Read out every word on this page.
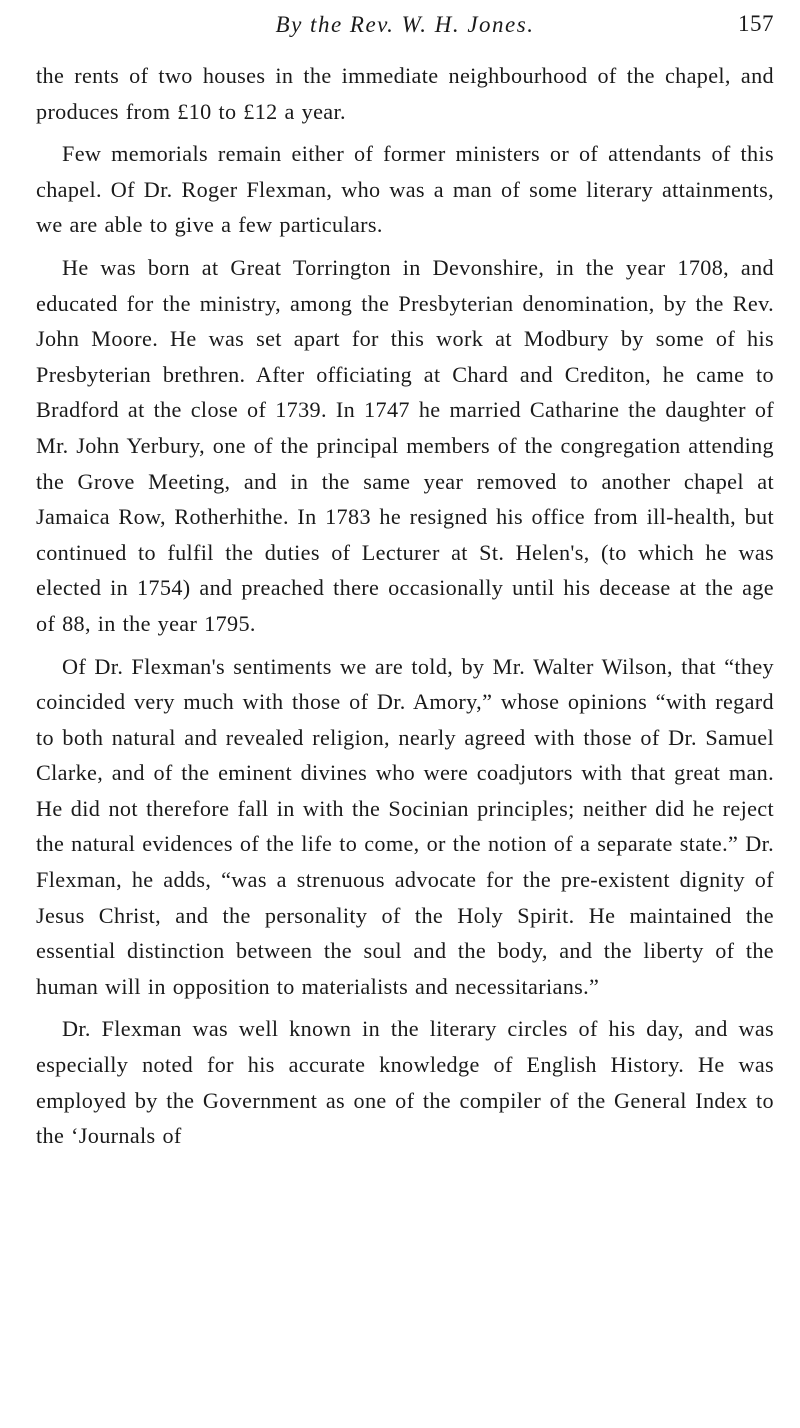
By the Rev. W. H. Jones.	157

the rents of two houses in the immediate neighbourhood of the chapel, and produces from £10 to £12 a year.

Few memorials remain either of former ministers or of attendants of this chapel. Of Dr. Roger Flexman, who was a man of some literary attainments, we are able to give a few particulars.

He was born at Great Torrington in Devonshire, in the year 1708, and educated for the ministry, among the Presbyterian denomination, by the Rev. John Moore. He was set apart for this work at Modbury by some of his Presbyterian brethren. After officiating at Chard and Crediton, he came to Bradford at the close of 1739. In 1747 he married Catharine the daughter of Mr. John Yerbury, one of the principal members of the congregation attending the Grove Meeting, and in the same year removed to another chapel at Jamaica Row, Rotherhithe. In 1783 he resigned his office from ill-health, but continued to fulfil the duties of Lecturer at St. Helen's, (to which he was elected in 1754) and preached there occasionally until his decease at the age of 88, in the year 1795.

Of Dr. Flexman's sentiments we are told, by Mr. Walter Wilson, that “they coincided very much with those of Dr. Amory,” whose opinions “with regard to both natural and revealed religion, nearly agreed with those of Dr. Samuel Clarke, and of the eminent divines who were coadjutors with that great man. He did not therefore fall in with the Socinian principles; neither did he reject the natural evidences of the life to come, or the notion of a separate state.” Dr. Flexman, he adds, “was a strenuous advocate for the pre-existent dignity of Jesus Christ, and the personality of the Holy Spirit. He maintained the essential distinction between the soul and the body, and the liberty of the human will in opposition to materialists and necessitarians.”

Dr. Flexman was well known in the literary circles of his day, and was especially noted for his accurate knowledge of English History. He was employed by the Government as one of the compiler of the General Index to the ‘Journals of
